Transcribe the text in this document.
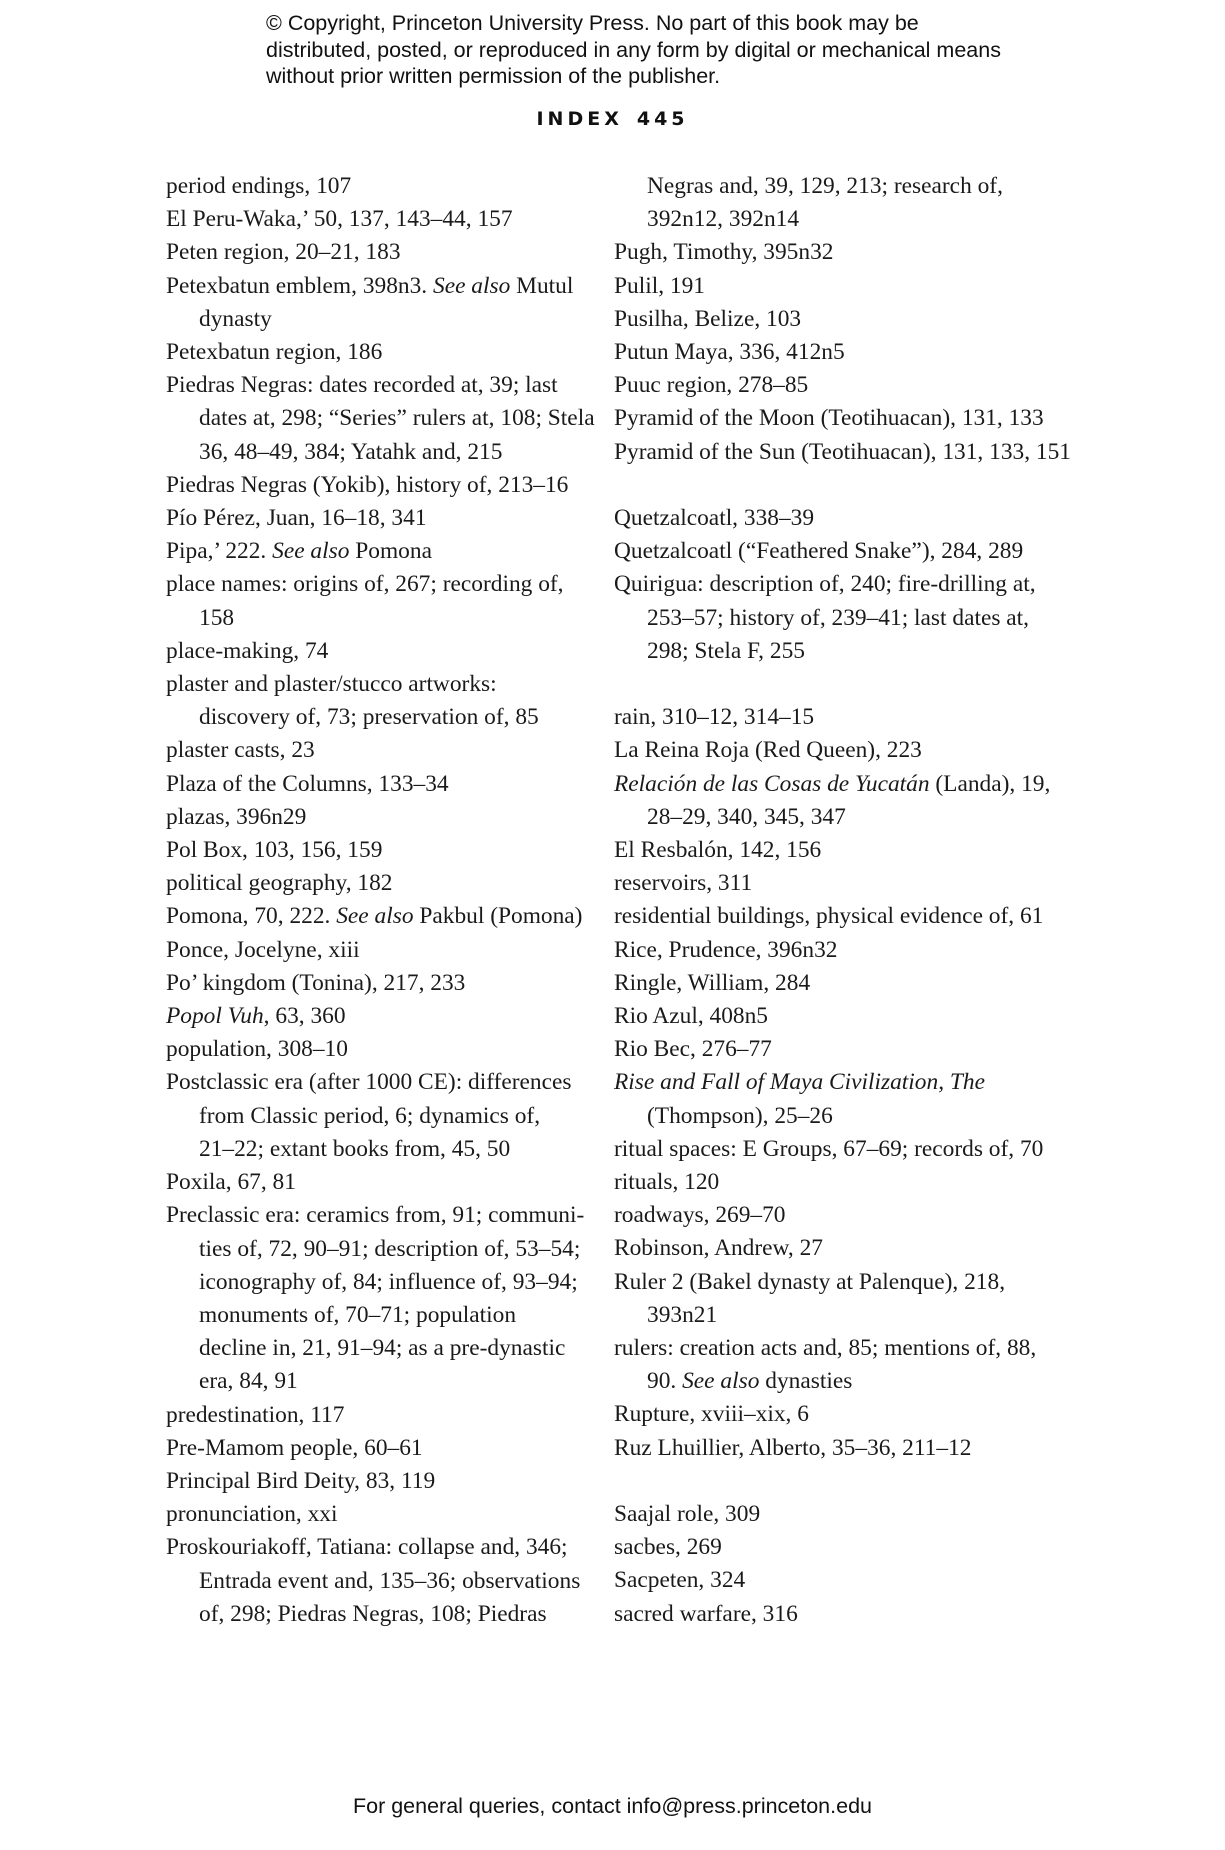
© Copyright, Princeton University Press. No part of this book may be distributed, posted, or reproduced in any form by digital or mechanical means without prior written permission of the publisher.
INDEX 445
period endings, 107
El Peru-Waka,’ 50, 137, 143–44, 157
Peten region, 20–21, 183
Petexbatun emblem, 398n3. See also Mutul
dynasty
Petexbatun region, 186
Piedras Negras: dates recorded at, 39; last
dates at, 298; “Series” rulers at, 108; Stela
36, 48–49, 384; Yatahk and, 215
Piedras Negras (Yokib), history of, 213–16
Pío Pérez, Juan, 16–18, 341
Pipa,’ 222. See also Pomona
place names: origins of, 267; recording of,
158
place-making, 74
plaster and plaster/stucco artworks:
discovery of, 73; preservation of, 85
plaster casts, 23
Plaza of the Columns, 133–34
plazas, 396n29
Pol Box, 103, 156, 159
political geography, 182
Pomona, 70, 222. See also Pakbul (Pomona)
Ponce, Jocelyne, xiii
Po’ kingdom (Tonina), 217, 233
Popol Vuh, 63, 360
population, 308–10
Postclassic era (after 1000 CE): differences
from Classic period, 6; dynamics of,
21–22; extant books from, 45, 50
Poxila, 67, 81
Preclassic era: ceramics from, 91; communi-
ties of, 72, 90–91; description of, 53–54;
iconography of, 84; influence of, 93–94;
monuments of, 70–71; population
decline in, 21, 91–94; as a pre-dynastic
era, 84, 91
predestination, 117
Pre-Mamom people, 60–61
Principal Bird Deity, 83, 119
pronunciation, xxi
Proskouriakoff, Tatiana: collapse and, 346;
Entrada event and, 135–36; observations
of, 298; Piedras Negras, 108; Piedras
Negras and, 39, 129, 213; research of,
392n12, 392n14
Pugh, Timothy, 395n32
Pulil, 191
Pusilha, Belize, 103
Putun Maya, 336, 412n5
Puuc region, 278–85
Pyramid of the Moon (Teotihuacan), 131, 133
Pyramid of the Sun (Teotihuacan), 131, 133, 151
Quetzalcoatl, 338–39
Quetzalcoatl (“Feathered Snake”), 284, 289
Quirigua: description of, 240; fire-drilling at,
253–57; history of, 239–41; last dates at,
298; Stela F, 255
rain, 310–12, 314–15
La Reina Roja (Red Queen), 223
Relación de las Cosas de Yucatán (Landa), 19,
28–29, 340, 345, 347
El Resbalón, 142, 156
reservoirs, 311
residential buildings, physical evidence of, 61
Rice, Prudence, 396n32
Ringle, William, 284
Rio Azul, 408n5
Rio Bec, 276–77
Rise and Fall of Maya Civilization, The
(Thompson), 25–26
ritual spaces: E Groups, 67–69; records of, 70
rituals, 120
roadways, 269–70
Robinson, Andrew, 27
Ruler 2 (Bakel dynasty at Palenque), 218,
393n21
rulers: creation acts and, 85; mentions of, 88,
90. See also dynasties
Rupture, xviii–xix, 6
Ruz Lhuillier, Alberto, 35–36, 211–12
Saajal role, 309
sacbes, 269
Sacpeten, 324
sacred warfare, 316
For general queries, contact info@press.princeton.edu
